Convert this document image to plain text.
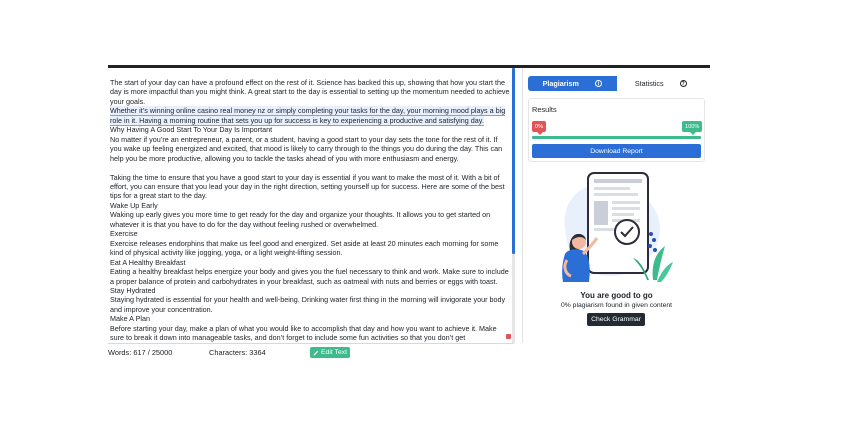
The start of your day can have a profound effect on the rest of it. Science has backed this up, showing that how you start the day is more impactful than you might think. A great start to the day is essential to setting up the momentum needed to achieve your goals.

Whether it’s winning online casino real money nz or simply completing your tasks for the day, your morning mood plays a big role in it. Having a morning routine that sets you up for success is key to experiencing a productive and satisfying day.

Why Having A Good Start To Your Day Is Important

No matter if you’re an entrepreneur, a parent, or a student, having a good start to your day sets the tone for the rest of it. If you wake up feeling energized and excited, that mood is likely to carry through to the things you do during the day. This can help you be more productive, allowing you to tackle the tasks ahead of you with more enthusiasm and energy.

Taking the time to ensure that you have a good start to your day is essential if you want to make the most of it. With a bit of effort, you can ensure that you lead your day in the right direction, setting yourself up for success. Here are some of the best tips for a great start to the day.

Wake Up Early

Waking up early gives you more time to get ready for the day and organize your thoughts. It allows you to get started on whatever it is that you have to do for the day without feeling rushed or overwhelmed.

Exercise

Exercise releases endorphins that make us feel good and energized. Set aside at least 20 minutes each morning for some kind of physical activity like jogging, yoga, or a light weight-lifting session.

Eat A Healthy Breakfast

Eating a healthy breakfast helps energize your body and gives you the fuel necessary to think and work. Make sure to include a proper balance of protein and carbohydrates in your breakfast, such as oatmeal with nuts and berries or eggs with toast.

Stay Hydrated

Staying hydrated is essential for your health and well-being. Drinking water first thing in the morning will invigorate your body and improve your concentration.

Make A Plan

Before starting your day, make a plan of what you would like to accomplish that day and how you want to achieve it. Make sure to break it down into manageable tasks, and don’t forget to include some fun activities so that you don’t get

Words: 617 / 25000	Characters: 3364	Edit Text
Plagiarism	i	Statistics	?
Results
0%	100%
Download Report
You are good to go
0% plagiarism found in given content
Check Grammar
